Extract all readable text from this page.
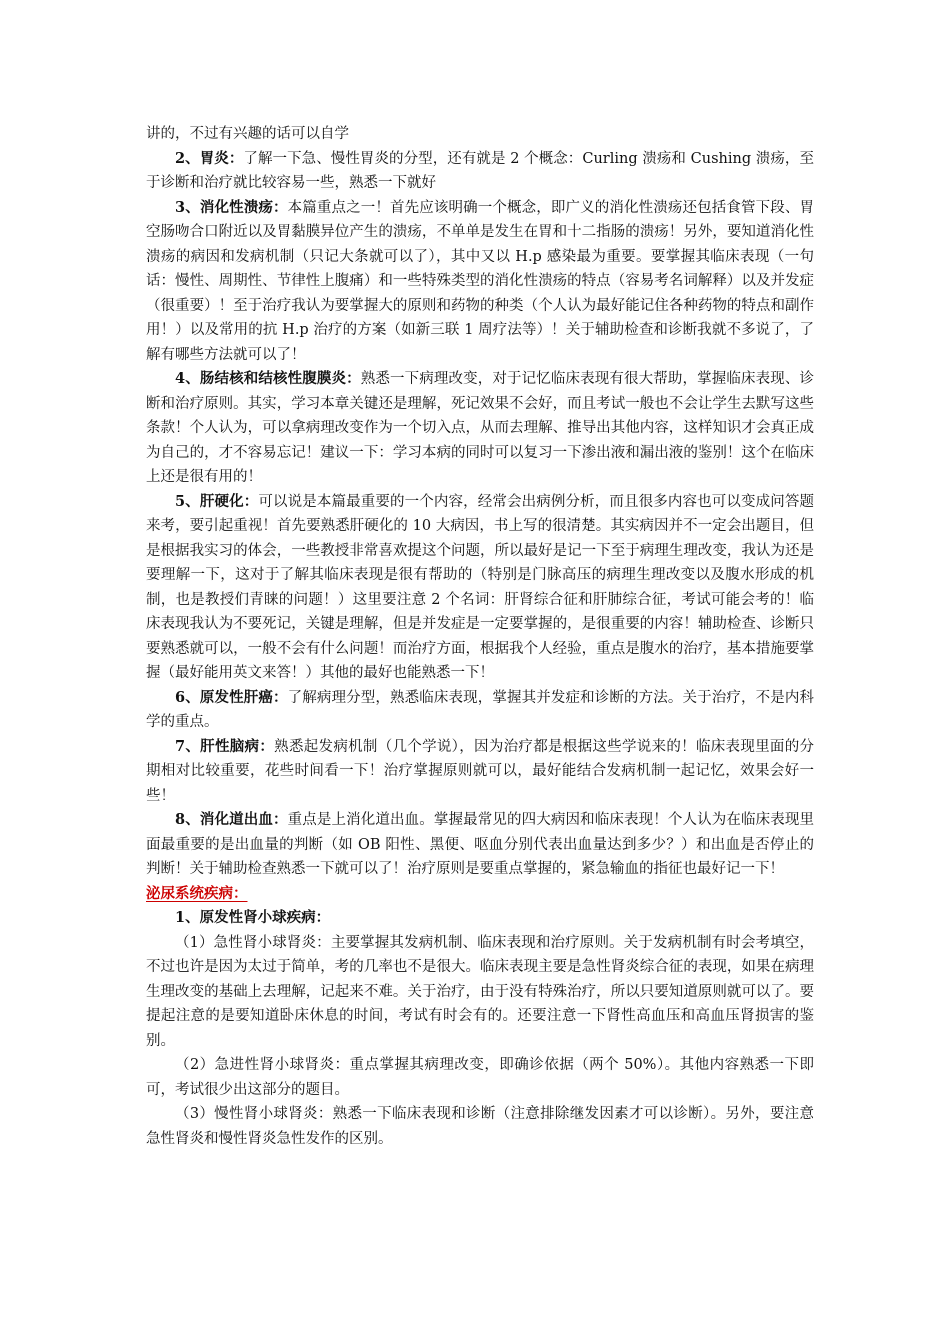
讲的，不过有兴趣的话可以自学

2、胃炎：了解一下急、慢性胃炎的分型，还有就是 2 个概念：Curling 溃疡和 Cushing 溃疡，至于诊断和治疗就比较容易一些，熟悉一下就好

3、消化性溃疡：本篇重点之一！首先应该明确一个概念，即广义的消化性溃疡还包括食管下段、胃空肠吻合口附近以及胃黏膜异位产生的溃疡，不单单是发生在胃和十二指肠的溃疡！另外，要知道消化性溃疡的病因和发病机制（只记大条就可以了），其中又以 H.p 感染最为重要。要掌握其临床表现（一句话：慢性、周期性、节律性上腹痛）和一些特殊类型的消化性溃疡的特点（容易考名词解释）以及并发症（很重要）！至于治疗我认为要掌握大的原则和药物的种类（个人认为最好能记住各种药物的特点和副作用！）以及常用的抗 H.p 治疗的方案（如新三联 1 周疗法等）！关于辅助检查和诊断我就不多说了，了解有哪些方法就可以了！

4、肠结核和结核性腹膜炎：熟悉一下病理改变，对于记忆临床表现有很大帮助，掌握临床表现、诊断和治疗原则。其实，学习本章关键还是理解，死记效果不会好，而且考试一般也不会让学生去默写这些条款！个人认为，可以拿病理改变作为一个切入点，从而去理解、推导出其他内容，这样知识才会真正成为自己的，才不容易忘记！建议一下：学习本病的同时可以复习一下渗出液和漏出液的鉴别！这个在临床上还是很有用的！

5、肝硬化：可以说是本篇最重要的一个内容，经常会出病例分析，而且很多内容也可以变成问答题来考，要引起重视！首先要熟悉肝硬化的 10 大病因，书上写的很清楚。其实病因并不一定会出题目，但是根据我实习的体会，一些教授非常喜欢提这个问题，所以最好是记一下至于病理生理改变，我认为还是要理解一下，这对于了解其临床表现是很有帮助的（特别是门脉高压的病理生理改变以及腹水形成的机制，也是教授们青睐的问题！）这里要注意 2 个名词：肝肾综合征和肝肺综合征，考试可能会考的！临床表现我认为不要死记，关键是理解，但是并发症是一定要掌握的，是很重要的内容！辅助检查、诊断只要熟悉就可以，一般不会有什么问题！而治疗方面，根据我个人经验，重点是腹水的治疗，基本措施要掌握（最好能用英文来答！）其他的最好也能熟悉一下！

6、原发性肝癌：了解病理分型，熟悉临床表现，掌握其并发症和诊断的方法。关于治疗，不是内科学的重点。

7、肝性脑病：熟悉起发病机制（几个学说），因为治疗都是根据这些学说来的！临床表现里面的分期相对比较重要，花些时间看一下！治疗掌握原则就可以，最好能结合发病机制一起记忆，效果会好一些！

8、消化道出血：重点是上消化道出血。掌握最常见的四大病因和临床表现！个人认为在临床表现里面最重要的是出血量的判断（如 OB 阳性、黑便、呕血分别代表出血量达到多少？）和出血是否停止的判断！关于辅助检查熟悉一下就可以了！治疗原则是要重点掌握的，紧急输血的指征也最好记一下！

泌尿系统疾病：

1、原发性肾小球疾病：

（1）急性肾小球肾炎：主要掌握其发病机制、临床表现和治疗原则。关于发病机制有时会考填空，不过也许是因为太过于简单，考的几率也不是很大。临床表现主要是急性肾炎综合征的表现，如果在病理生理改变的基础上去理解，记起来不难。关于治疗，由于没有特殊治疗，所以只要知道原则就可以了。要提起注意的是要知道卧床休息的时间，考试有时会有的。还要注意一下肾性高血压和高血压肾损害的鉴别。

（2）急进性肾小球肾炎：重点掌握其病理改变，即确诊依据（两个 50%）。其他内容熟悉一下即可，考试很少出这部分的题目。

（3）慢性肾小球肾炎：熟悉一下临床表现和诊断（注意排除继发因素才可以诊断）。另外，要注意急性肾炎和慢性肾炎急性发作的区别。
